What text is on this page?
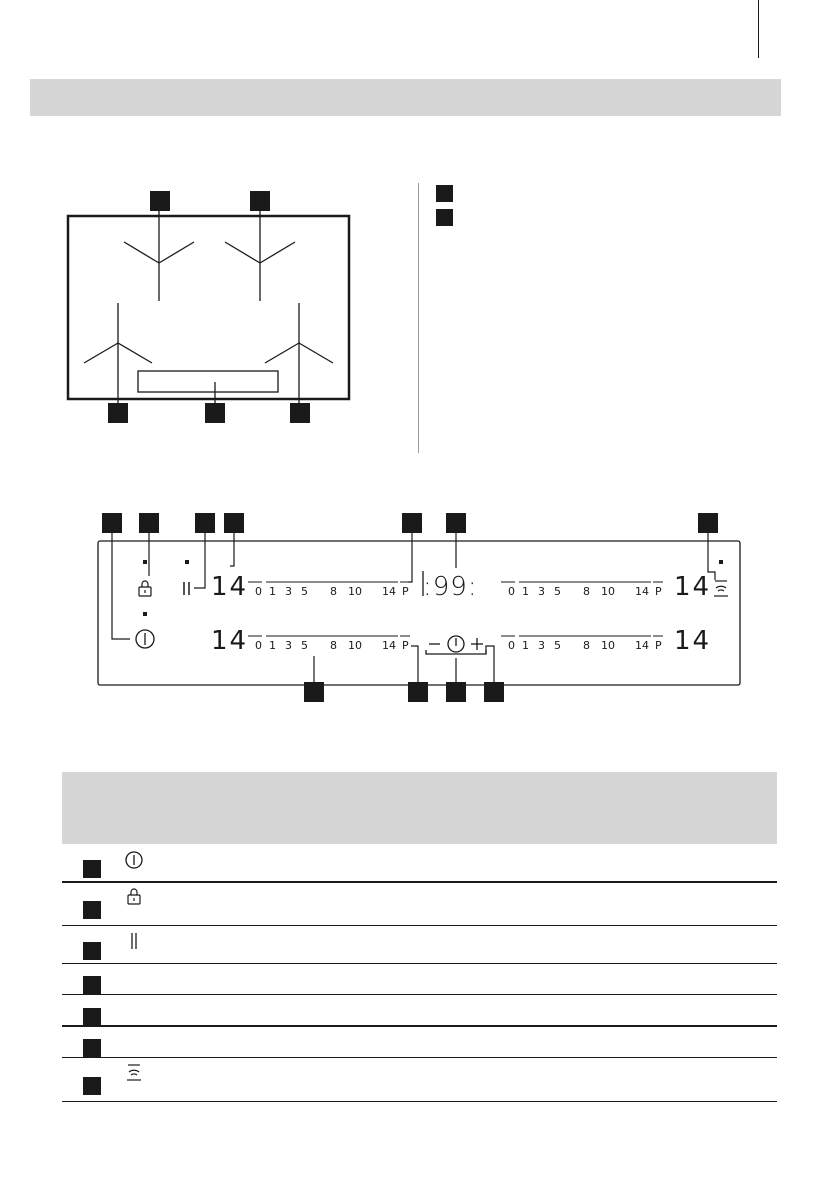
14
14
14
14
:99:
0 1 3 5 8 10 14 P
0 1 3 5 8 10 14 P
0 1 3 5 8 10 14 P
0 1 3 5 8 10 14 P
